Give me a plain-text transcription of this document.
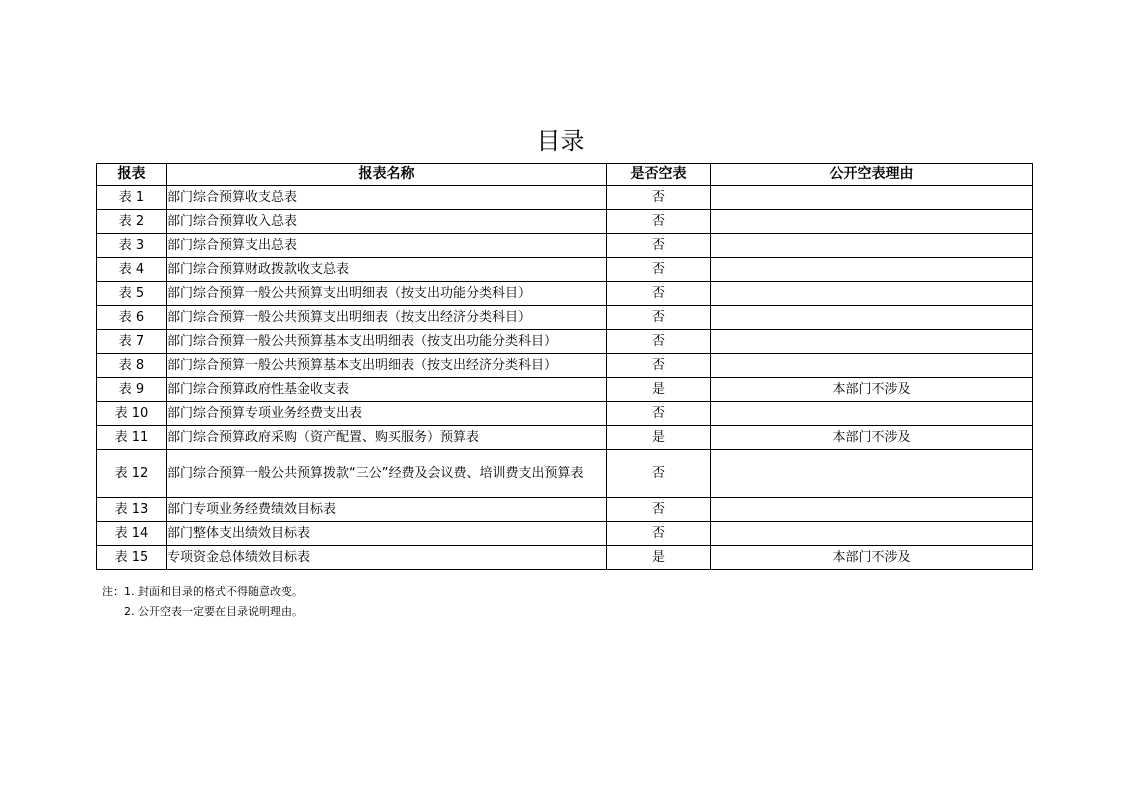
目录
报表	报表名称	是否空表	公开空表理由
表 1	部门综合预算收支总表	否	
表 2	部门综合预算收入总表	否	
表 3	部门综合预算支出总表	否	
表 4	部门综合预算财政拨款收支总表	否	
表 5	部门综合预算一般公共预算支出明细表（按支出功能分类科目）	否	
表 6	部门综合预算一般公共预算支出明细表（按支出经济分类科目）	否	
表 7	部门综合预算一般公共预算基本支出明细表（按支出功能分类科目）	否	
表 8	部门综合预算一般公共预算基本支出明细表（按支出经济分类科目）	否	
表 9	部门综合预算政府性基金收支表	是	本部门不涉及
表 10	部门综合预算专项业务经费支出表	否	
表 11	部门综合预算政府采购（资产配置、购买服务）预算表	是	本部门不涉及
表 12	部门综合预算一般公共预算拨款“三公”经费及会议费、培训费支出预算表	否	
表 13	部门专项业务经费绩效目标表	否	
表 14	部门整体支出绩效目标表	否	
表 15	专项资金总体绩效目标表	是	本部门不涉及
注：1. 封面和目录的格式不得随意改变。
2. 公开空表一定要在目录说明理由。
